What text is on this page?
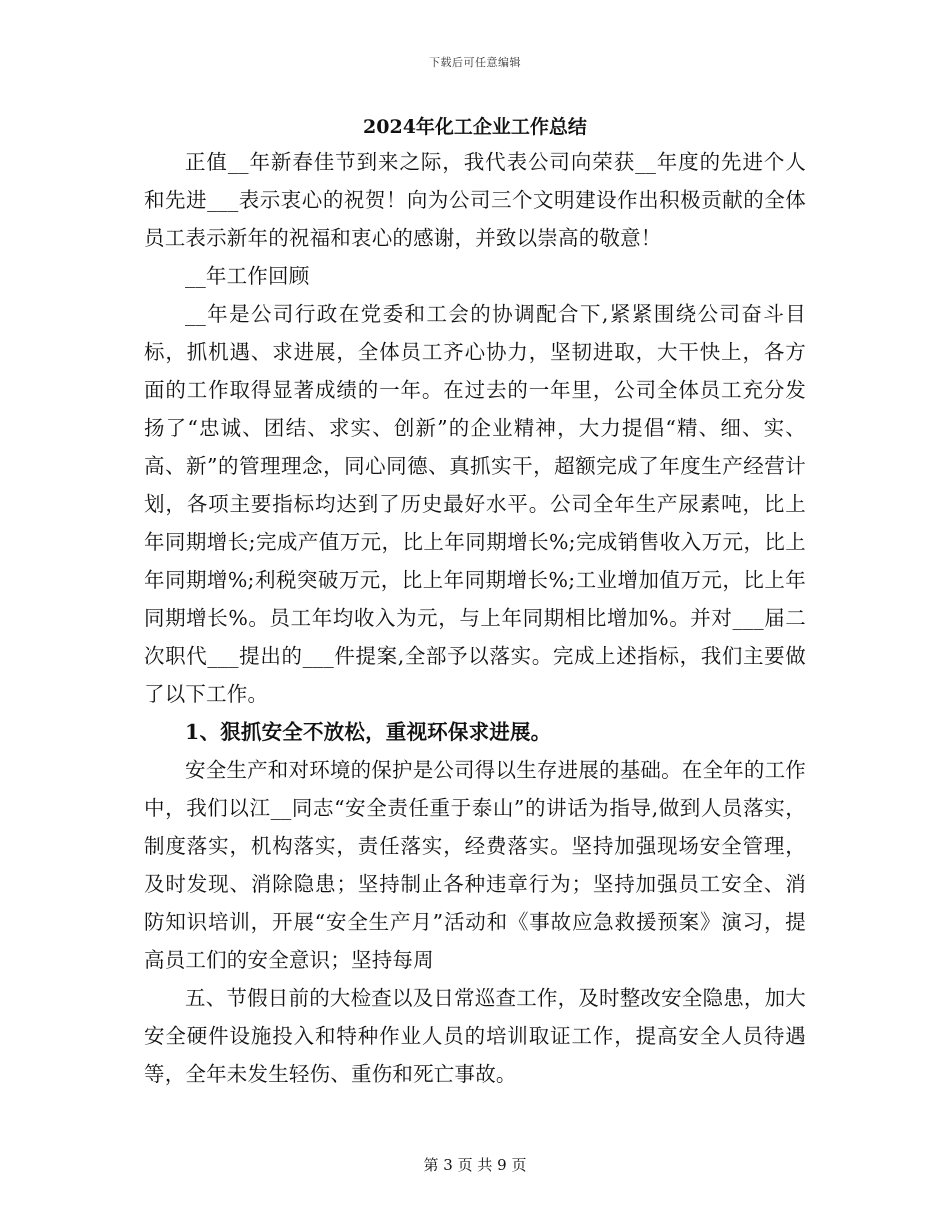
下载后可任意编辑
2024年化工企业工作总结

正值__年新春佳节到来之际，我代表公司向荣获__年度的先进个人和先进___表示衷心的祝贺！向为公司三个文明建设作出积极贡献的全体员工表示新年的祝福和衷心的感谢，并致以崇高的敬意！

__年工作回顾

__年是公司行政在党委和工会的协调配合下,紧紧围绕公司奋斗目标，抓机遇、求进展，全体员工齐心协力，坚韧进取，大干快上，各方面的工作取得显著成绩的一年。在过去的一年里，公司全体员工充分发扬了“忠诚、团结、求实、创新”的企业精神，大力提倡“精、细、实、高、新”的管理理念，同心同德、真抓实干，超额完成了年度生产经营计划，各项主要指标均达到了历史最好水平。公司全年生产尿素吨，比上年同期增长;完成产值万元，比上年同期增长%;完成销售收入万元，比上年同期增%;利税突破万元，比上年同期增长%;工业增加值万元，比上年同期增长%。员工年均收入为元，与上年同期相比增加%。并对___届二次职代___提出的___件提案,全部予以落实。完成上述指标，我们主要做了以下工作。

1、狠抓安全不放松，重视环保求进展。

安全生产和对环境的保护是公司得以生存进展的基础。在全年的工作中，我们以江__同志“安全责任重于泰山”的讲话为指导,做到人员落实，制度落实，机构落实，责任落实，经费落实。坚持加强现场安全管理，及时发现、消除隐患；坚持制止各种违章行为；坚持加强员工安全、消防知识培训，开展“安全生产月”活动和《事故应急救援预案》演习，提高员工们的安全意识；坚持每周

五、节假日前的大检查以及日常巡查工作，及时整改安全隐患，加大安全硬件设施投入和特种作业人员的培训取证工作，提高安全人员待遇等，全年未发生轻伤、重伤和死亡事故。

第 3 页 共 9 页
